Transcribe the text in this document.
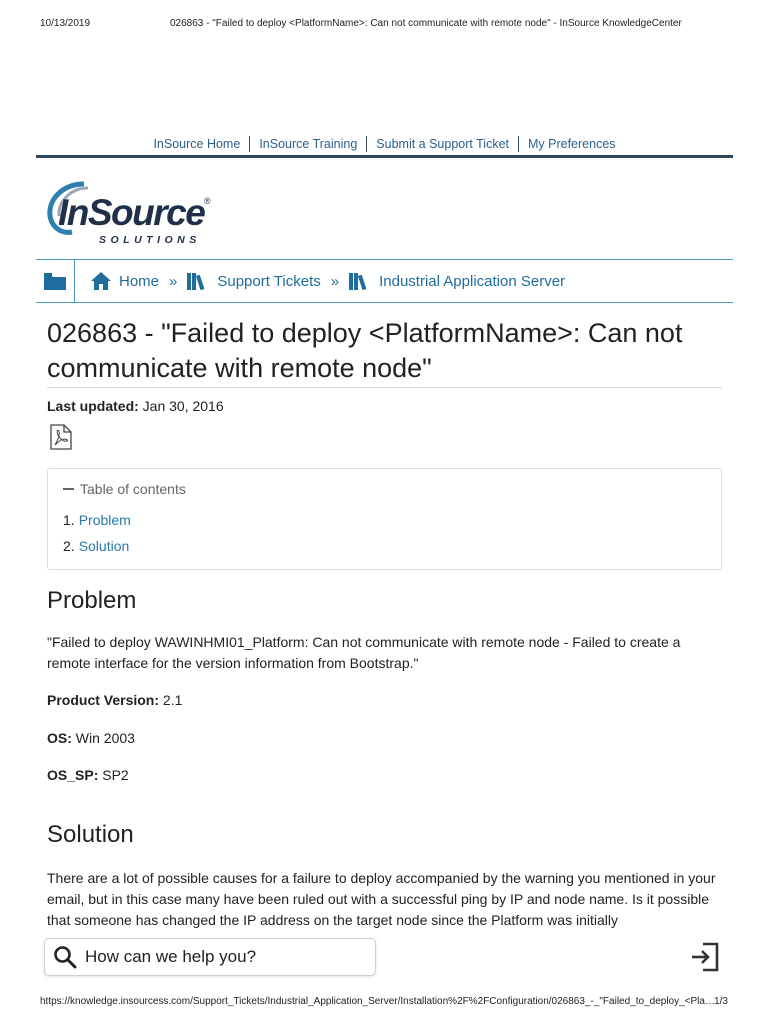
10/13/2019	026863 - "Failed to deploy <PlatformName>: Can not communicate with remote node" - InSource KnowledgeCenter
InSource Home	InSource Training	Submit a Support Ticket	My Preferences
InSource ®
SOLUTIONS
Home »	Support Tickets »	Industrial Application Server
026863 - "Failed to deploy <PlatformName>: Can not communicate with remote node"
Last updated: Jan 30, 2016
Table of contents
1. Problem
2. Solution
Problem

"Failed to deploy WAWINHMI01_Platform: Can not communicate with remote node - Failed to create a remote interface for the version information from Bootstrap."

Product Version: 2.1
OS: Win 2003
OS_SP: SP2
Solution

There are a lot of possible causes for a failure to deploy accompanied by the warning you mentioned in your email, but in this case many have been ruled out with a successful ping by IP and node name. Is it possible that someone has changed the IP address on the target node since the Platform was initially

How can we help you?
https://knowledge.insourcess.com/Support_Tickets/Industrial_Application_Server/Installation%2F%2FConfiguration/026863_-_"Failed_to_deploy_<Pla… 1/3
